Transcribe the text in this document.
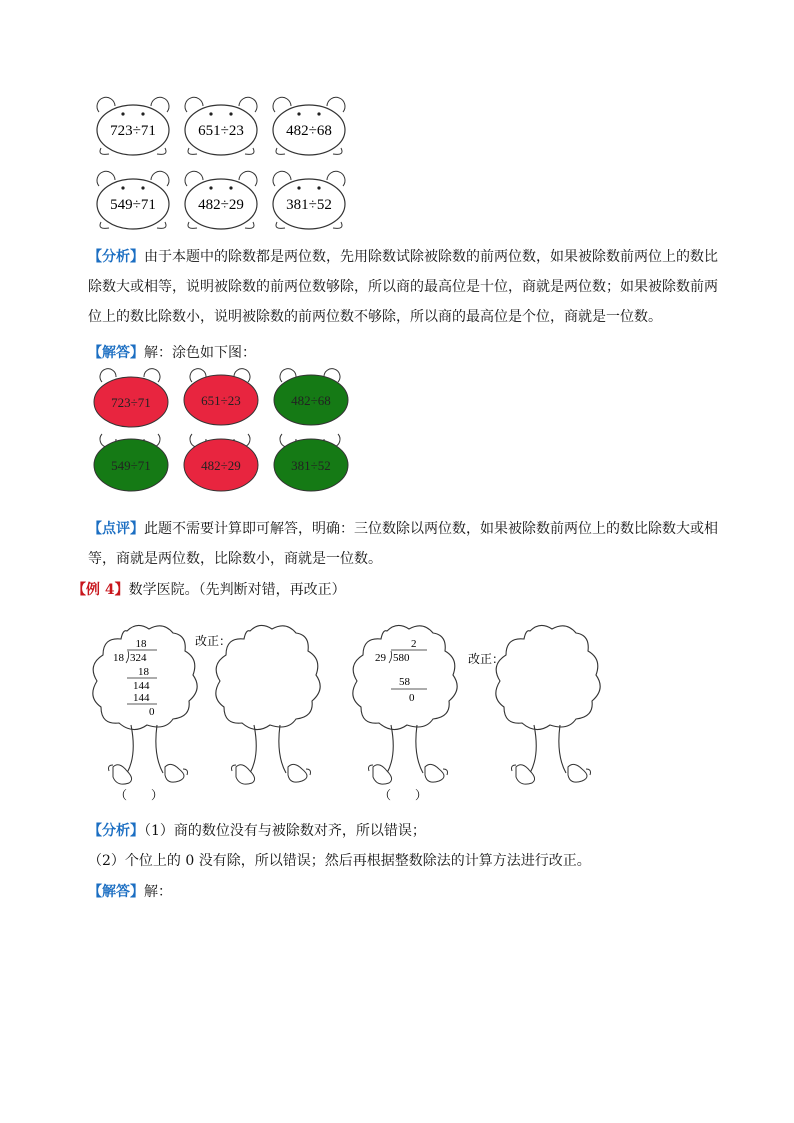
723÷71	651÷23	482÷68
549÷71	482÷29	381÷52
【分析】由于本题中的除数都是两位数，先用除数试除被除数的前两位数，如果被除数前两位上的数比
除数大或相等，说明被除数的前两位数够除，所以商的最高位是十位，商就是两位数；如果被除数前两
位上的数比除数小，说明被除数的前两位数不够除，所以商的最高位是个位，商就是一位数。
【解答】解：涂色如下图：
723÷71	651÷23	482÷68
549÷71	482÷29	381÷52
【点评】此题不需要计算即可解答，明确：三位数除以两位数，如果被除数前两位上的数比除数大或相
等，商就是两位数，比除数小，商就是一位数。
【例 4】数学医院。（先判断对错，再改正）
18
18 324
18
144
144
0
2
29 580
58
0
改正：
改正：
（　　）	（　　）
【分析】（1）商的数位没有与被除数对齐，所以错误；
（2）个位上的 0 没有除，所以错误；然后再根据整数除法的计算方法进行改正。
【解答】解：
